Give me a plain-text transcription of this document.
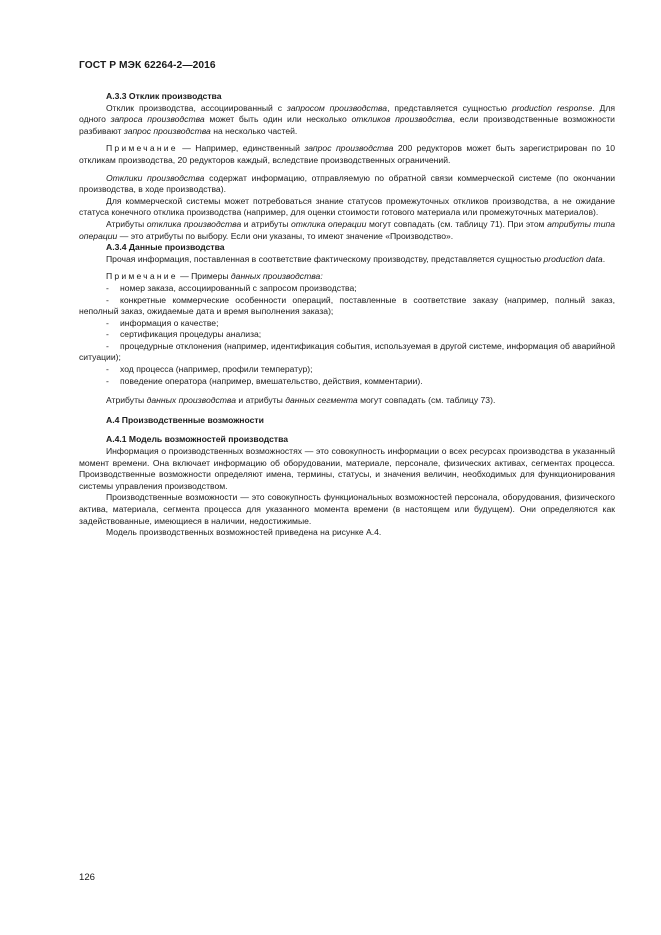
ГОСТ Р МЭК 62264-2—2016

А.3.3 Отклик производства

Отклик производства, ассоциированный с запросом производства, представляется сущностью production response. Для одного запроса производства может быть один или несколько откликов производства, если производственные возможности разбивают запрос производства на несколько частей.

Примечание — Например, единственный запрос производства 200 редукторов может быть зарегистрирован по 10 откликам производства, 20 редукторов каждый, вследствие производственных ограничений.

Отклики производства содержат информацию, отправляемую по обратной связи коммерческой системе (по окончании производства, в ходе производства).

Для коммерческой системы может потребоваться знание статусов промежуточных откликов производства, а не ожидание статуса конечного отклика производства (например, для оценки стоимости готового материала или промежуточных материалов).

Атрибуты отклика производства и атрибуты отклика операции могут совпадать (см. таблицу 71). При этом атрибуты типа операции — это атрибуты по выбору. Если они указаны, то имеют значение «Производство».

А.3.4 Данные производства

Прочая информация, поставленная в соответствие фактическому производству, представляется сущностью production data.

Примечание — Примеры данных производства:

- номер заказа, ассоциированный с запросом производства;

- конкретные коммерческие особенности операций, поставленные в соответствие заказу (например, полный заказ, неполный заказ, ожидаемые дата и время выполнения заказа);

- информация о качестве;

- сертификация процедуры анализа;

- процедурные отклонения (например, идентификация события, используемая в другой системе, информация об аварийной ситуации);

- ход процесса (например, профили температур);

- поведение оператора (например, вмешательство, действия, комментарии).

Атрибуты данных производства и атрибуты данных сегмента могут совпадать (см. таблицу 73).

А.4 Производственные возможности

А.4.1 Модель возможностей производства

Информация о производственных возможностях — это совокупность информации о всех ресурсах производства в указанный момент времени. Она включает информацию об оборудовании, материале, персонале, физических активах, сегментах процесса. Производственные возможности определяют имена, термины, статусы, и значения величин, необходимых для функционирования системы управления производством.

Производственные возможности — это совокупность функциональных возможностей персонала, оборудования, физического актива, материала, сегмента процесса для указанного момента времени (в настоящем или будущем). Они определяются как задействованные, имеющиеся в наличии, недостижимые.

Модель производственных возможностей приведена на рисунке А.4.

126
